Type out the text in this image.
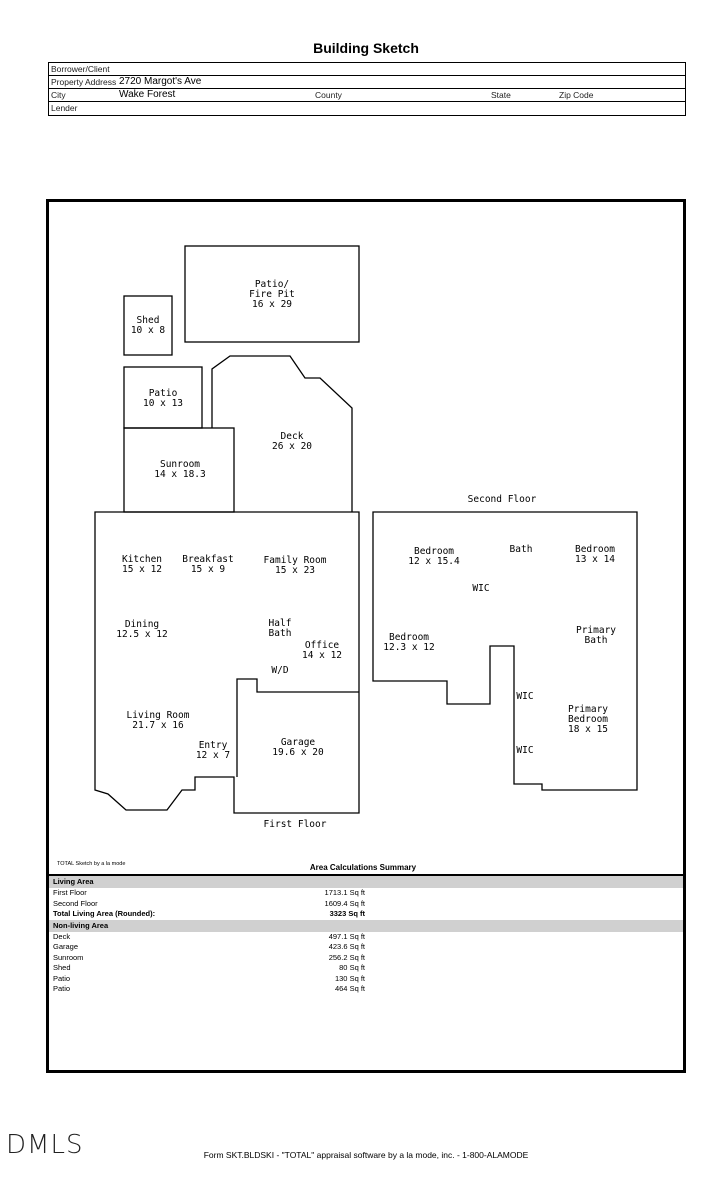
Building Sketch
Borrower/Client
Property Address 2720 Margot's Ave
City	Wake Forest	County	State	Zip Code
Lender
Patio/ Fire Pit 16 x 29
Shed 10 x 8
Patio 10 x 13
Deck 26 x 20
Sunroom 14 x 18.3
Kitchen 15 x 12
Breakfast 15 x 9
Family Room 15 x 23
Dining 12.5 x 12
Half Bath
Office 14 x 12
W/D
Living Room 21.7 x 16
Entry 12 x 7
Garage 19.6 x 20
Bedroom 12 x 15.4
Bath	Bedroom 13 x 14
WIC
Bedroom 12.3 x 12
Primary Bath
WIC
Primary Bedroom 18 x 15
WIC
Second Floor
First Floor
TOTAL Sketch by a la mode	Area Calculations Summary
Living Area
First Floor	1713.1 Sq ft
Second Floor	1609.4 Sq ft
Total Living Area (Rounded):	3323 Sq ft
Non-living Area
Deck	497.1 Sq ft
Garage	423.6 Sq ft
Sunroom	256.2 Sq ft
Shed	80 Sq ft
Patio	130 Sq ft
Patio	464 Sq ft
DMLS	Form SKT.BLDSKI - "TOTAL" appraisal software by a la mode, inc. - 1-800-ALAMODE
